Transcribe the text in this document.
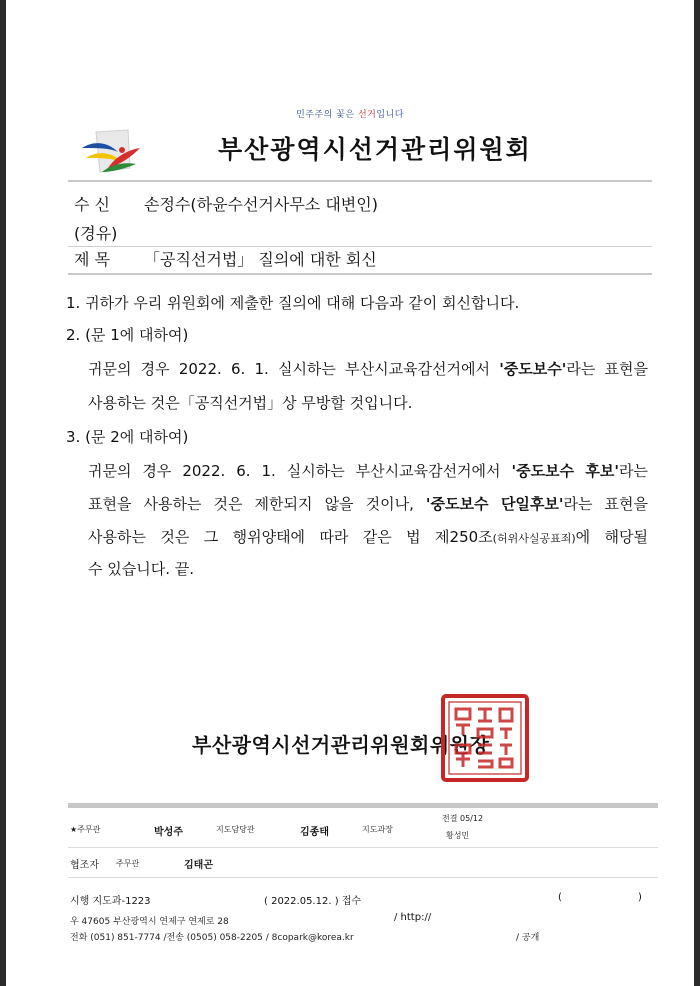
민주주의 꽃은 선거입니다
부산광역시선거관리위원회
수 신 손정수(하윤수선거사무소 대변인)
(경유)
제 목 「공직선거법」 질의에 대한 회신
1. 귀하가 우리 위원회에 제출한 질의에 대해 다음과 같이 회신합니다.
2. (문 1에 대하여)
귀문의 경우 2022. 6. 1. 실시하는 부산시교육감선거에서 '중도보수'라는 표현을
사용하는 것은「공직선거법」상 무방할 것입니다.
3. (문 2에 대하여)
귀문의 경우 2022. 6. 1. 실시하는 부산시교육감선거에서 '중도보수 후보'라는
표현을 사용하는 것은 제한되지 않을 것이나, '중도보수 단일후보'라는 표현을
사용하는 것은 그 행위양태에 따라 같은 법 제250조(허위사실공표죄)에 해당될
수 있습니다. 끝.
부산광역시선거관리위원회위원장
★주무관	박성주	지도담당관	김종태	지도과장
전결 05/12
황성민
협조자 주무관	김태곤
시행 지도과-1223	( 2022.05.12. ) 접수	(	)
우 47605 부산광역시 연제구 연제로 28	/ http://
전화 (051) 851-7774 /전송 (0505) 058-2205 / 8copark@korea.kr	/ 공개
